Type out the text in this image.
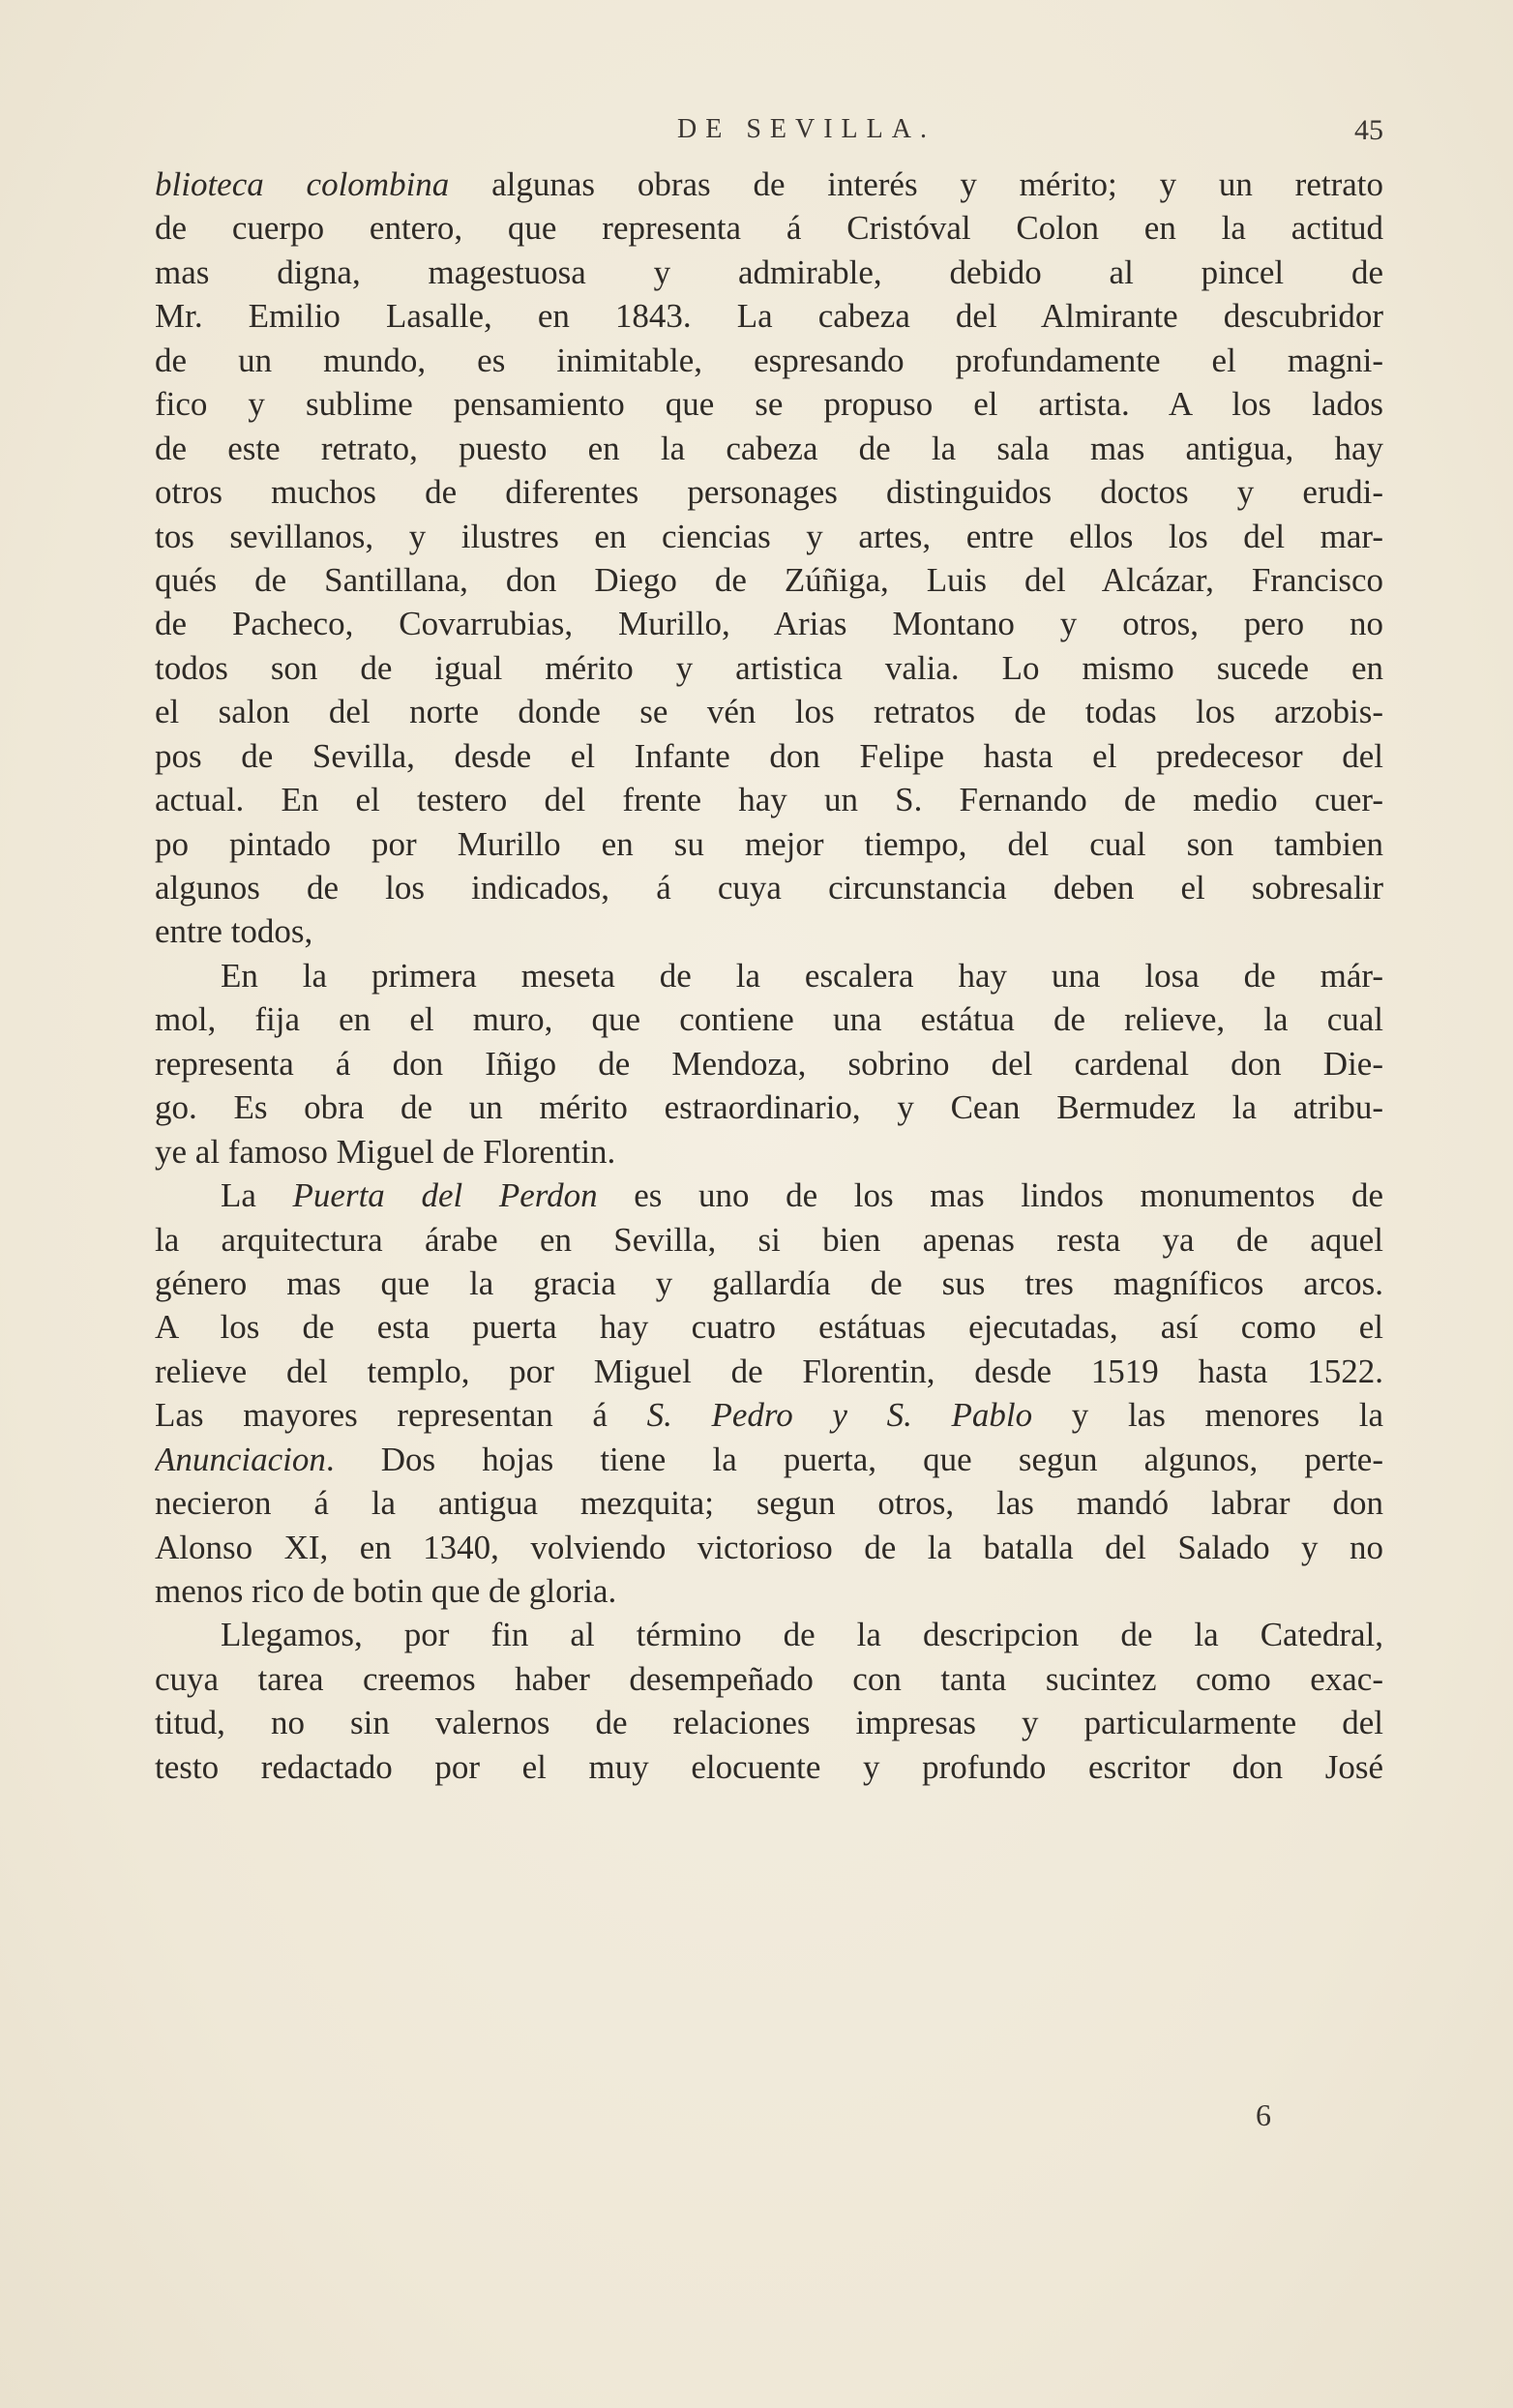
DE SEVILLA.	45
blioteca colombina algunas obras de interés y mérito; y un retrato
de cuerpo entero, que representa á Cristóval Colon en la actitud
mas digna, magestuosa y admirable, debido al pincel de
Mr. Emilio Lasalle, en 1843. La cabeza del Almirante descubridor
de un mundo, es inimitable, espresando profundamente el magni-
fico y sublime pensamiento que se propuso el artista. A los lados
de este retrato, puesto en la cabeza de la sala mas antigua, hay
otros muchos de diferentes personages distinguidos doctos y erudi-
tos sevillanos, y ilustres en ciencias y artes, entre ellos los del mar-
qués de Santillana, don Diego de Zúñiga, Luis del Alcázar, Francisco
de Pacheco, Covarrubias, Murillo, Arias Montano y otros, pero no
todos son de igual mérito y artistica valia. Lo mismo sucede en
el salon del norte donde se vén los retratos de todas los arzobis-
pos de Sevilla, desde el Infante don Felipe hasta el predecesor del
actual. En el testero del frente hay un S. Fernando de medio cuer-
po pintado por Murillo en su mejor tiempo, del cual son tambien
algunos de los indicados, á cuya circunstancia deben el sobresalir
entre todos,
En la primera meseta de la escalera hay una losa de már-
mol, fija en el muro, que contiene una estátua de relieve, la cual
representa á don Iñigo de Mendoza, sobrino del cardenal don Die-
go. Es obra de un mérito estraordinario, y Cean Bermudez la atribu-
ye al famoso Miguel de Florentin.
La Puerta del Perdon es uno de los mas lindos monumentos de
la arquitectura árabe en Sevilla, si bien apenas resta ya de aquel
género mas que la gracia y gallardía de sus tres magníficos arcos.
A los de esta puerta hay cuatro estátuas ejecutadas, así como el
relieve del templo, por Miguel de Florentin, desde 1519 hasta 1522.
Las mayores representan á S. Pedro y S. Pablo y las menores la
Anunciacion. Dos hojas tiene la puerta, que segun algunos, perte-
necieron á la antigua mezquita; segun otros, las mandó labrar don
Alonso XI, en 1340, volviendo victorioso de la batalla del Salado y no
menos rico de botin que de gloria.
Llegamos, por fin al término de la descripcion de la Catedral,
cuya tarea creemos haber desempeñado con tanta sucintez como exac-
titud, no sin valernos de relaciones impresas y particularmente del
testo redactado por el muy elocuente y profundo escritor don José
6
